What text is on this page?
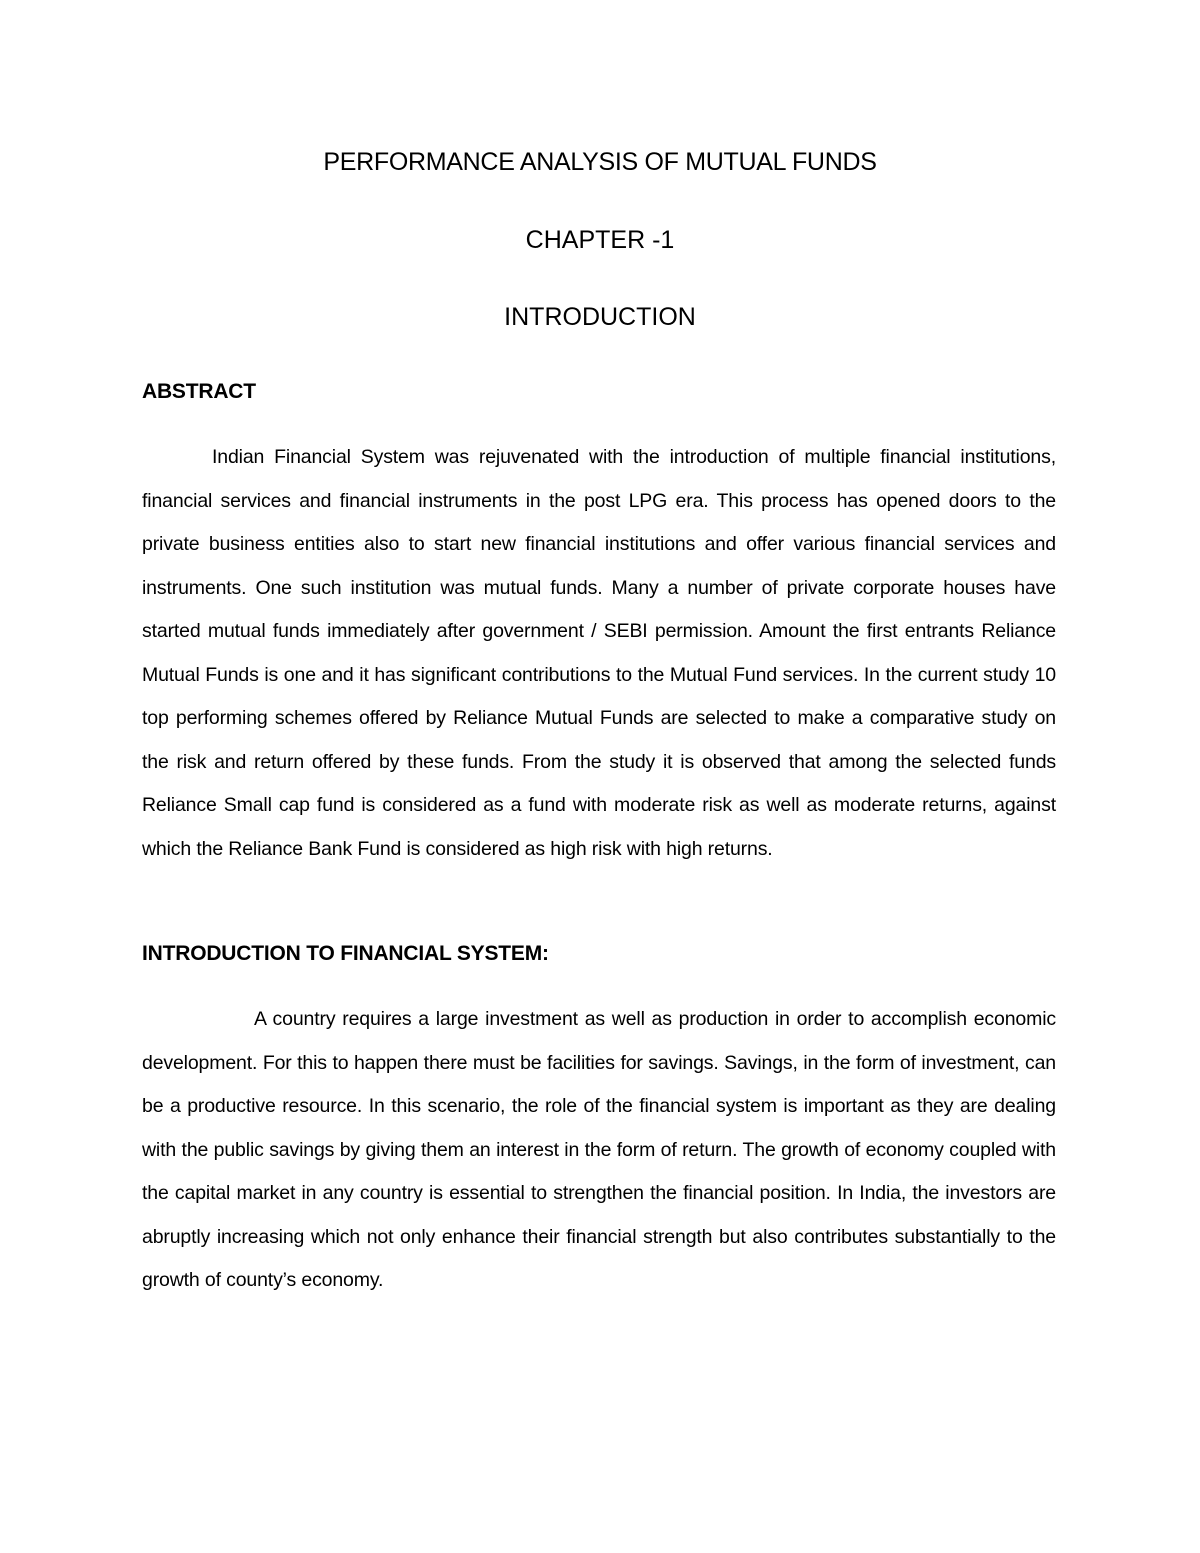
PERFORMANCE ANALYSIS OF MUTUAL FUNDS
CHAPTER -1
INTRODUCTION
ABSTRACT

Indian Financial System was rejuvenated with the introduction of multiple financial institutions, financial services and financial instruments in the post LPG era. This process has opened doors to the private business entities also to start new financial institutions and offer various financial services and instruments. One such institution was mutual funds. Many a number of private corporate houses have started mutual funds immediately after government / SEBI permission. Amount the first entrants Reliance Mutual Funds is one and it has significant contributions to the Mutual Fund services. In the current study 10 top performing schemes offered by Reliance Mutual Funds are selected to make a comparative study on the risk and return offered by these funds. From the study it is observed that among the selected funds Reliance Small cap fund is considered as a fund with moderate risk as well as moderate returns, against which the Reliance Bank Fund is considered as high risk with high returns.

INTRODUCTION TO FINANCIAL SYSTEM:

A country requires a large investment as well as production in order to accomplish economic development. For this to happen there must be facilities for savings. Savings, in the form of investment, can be a productive resource. In this scenario, the role of the financial system is important as they are dealing with the public savings by giving them an interest in the form of return. The growth of economy coupled with the capital market in any country is essential to strengthen the financial position. In India, the investors are abruptly increasing which not only enhance their financial strength but also contributes substantially to the growth of county’s economy.
